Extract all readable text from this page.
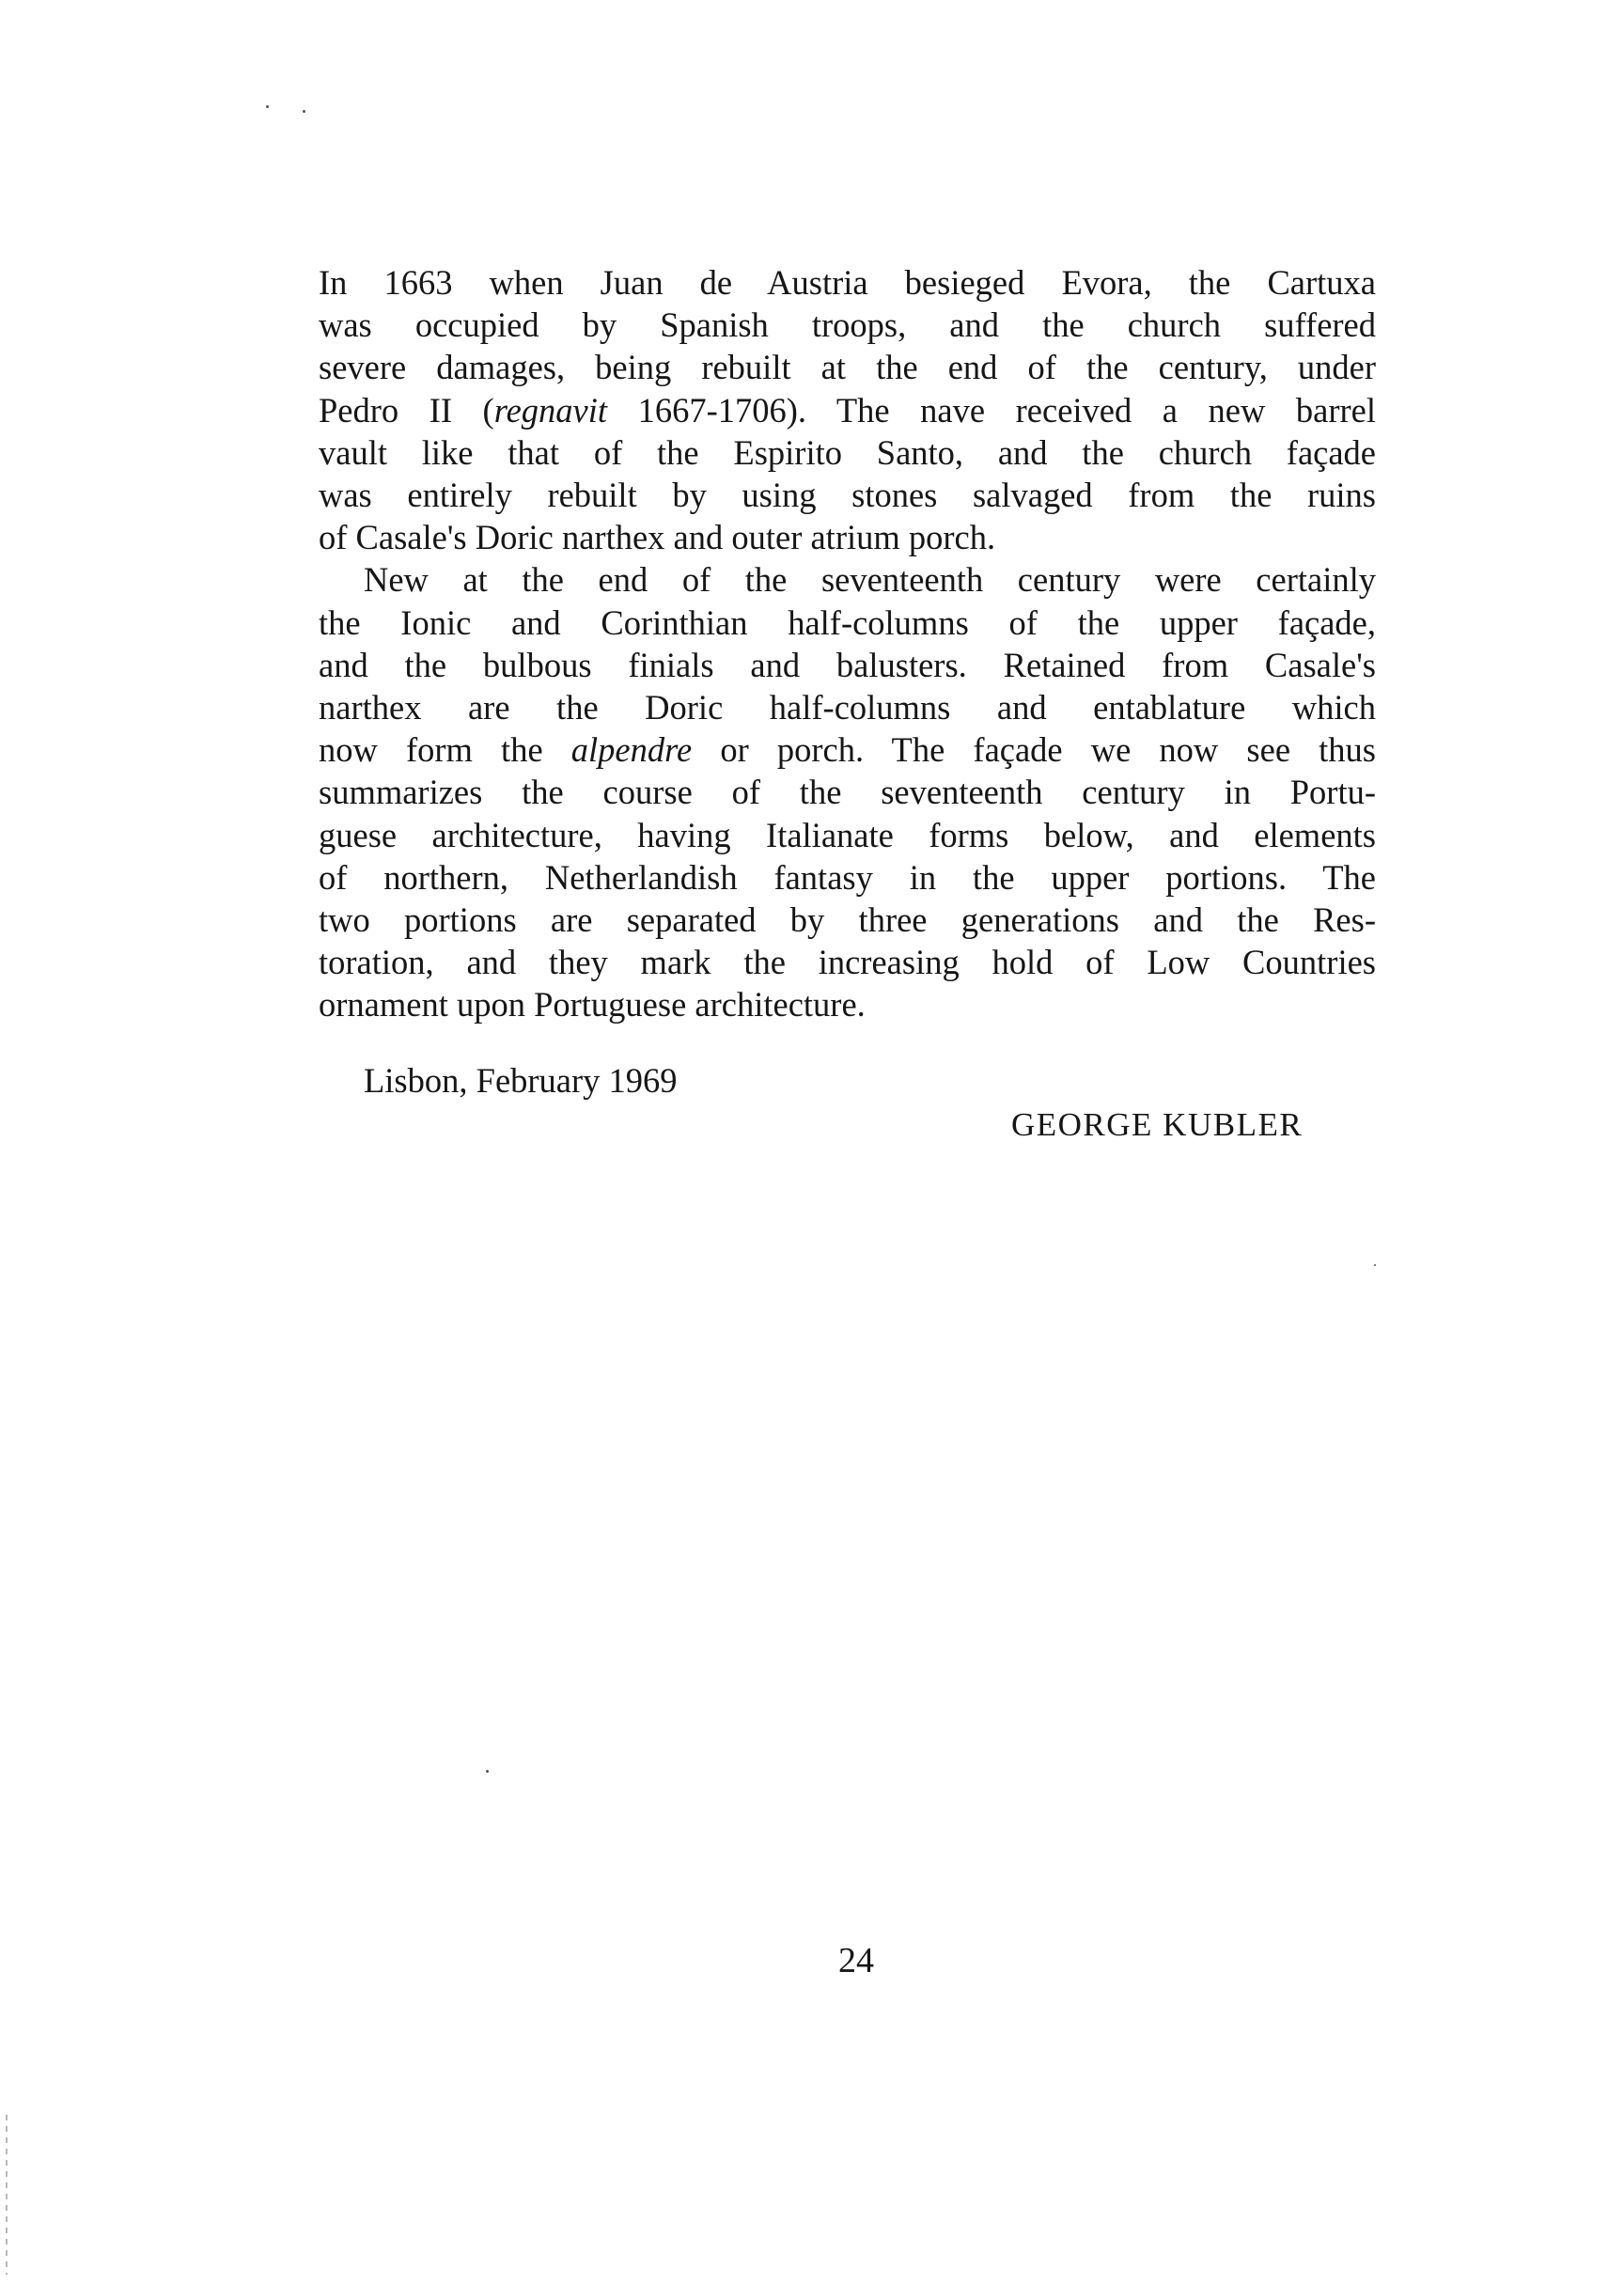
In 1663 when Juan de Austria besieged Evora, the Cartuxa
was occupied by Spanish troops, and the church suffered
severe damages, being rebuilt at the end of the century, under
Pedro II (regnavit 1667-1706). The nave received a new barrel
vault like that of the Espirito Santo, and the church façade
was entirely rebuilt by using stones salvaged from the ruins
of Casale's Doric narthex and outer atrium porch.
New at the end of the seventeenth century were certainly
the Ionic and Corinthian half-columns of the upper façade,
and the bulbous finials and balusters. Retained from Casale's
narthex are the Doric half-columns and entablature which
now form the alpendre or porch. The façade we now see thus
summarizes the course of the seventeenth century in Portu-
guese architecture, having Italianate forms below, and elements
of northern, Netherlandish fantasy in the upper portions. The
two portions are separated by three generations and the Res-
toration, and they mark the increasing hold of Low Countries
ornament upon Portuguese architecture.
Lisbon, February 1969
GEORGE KUBLER
24
